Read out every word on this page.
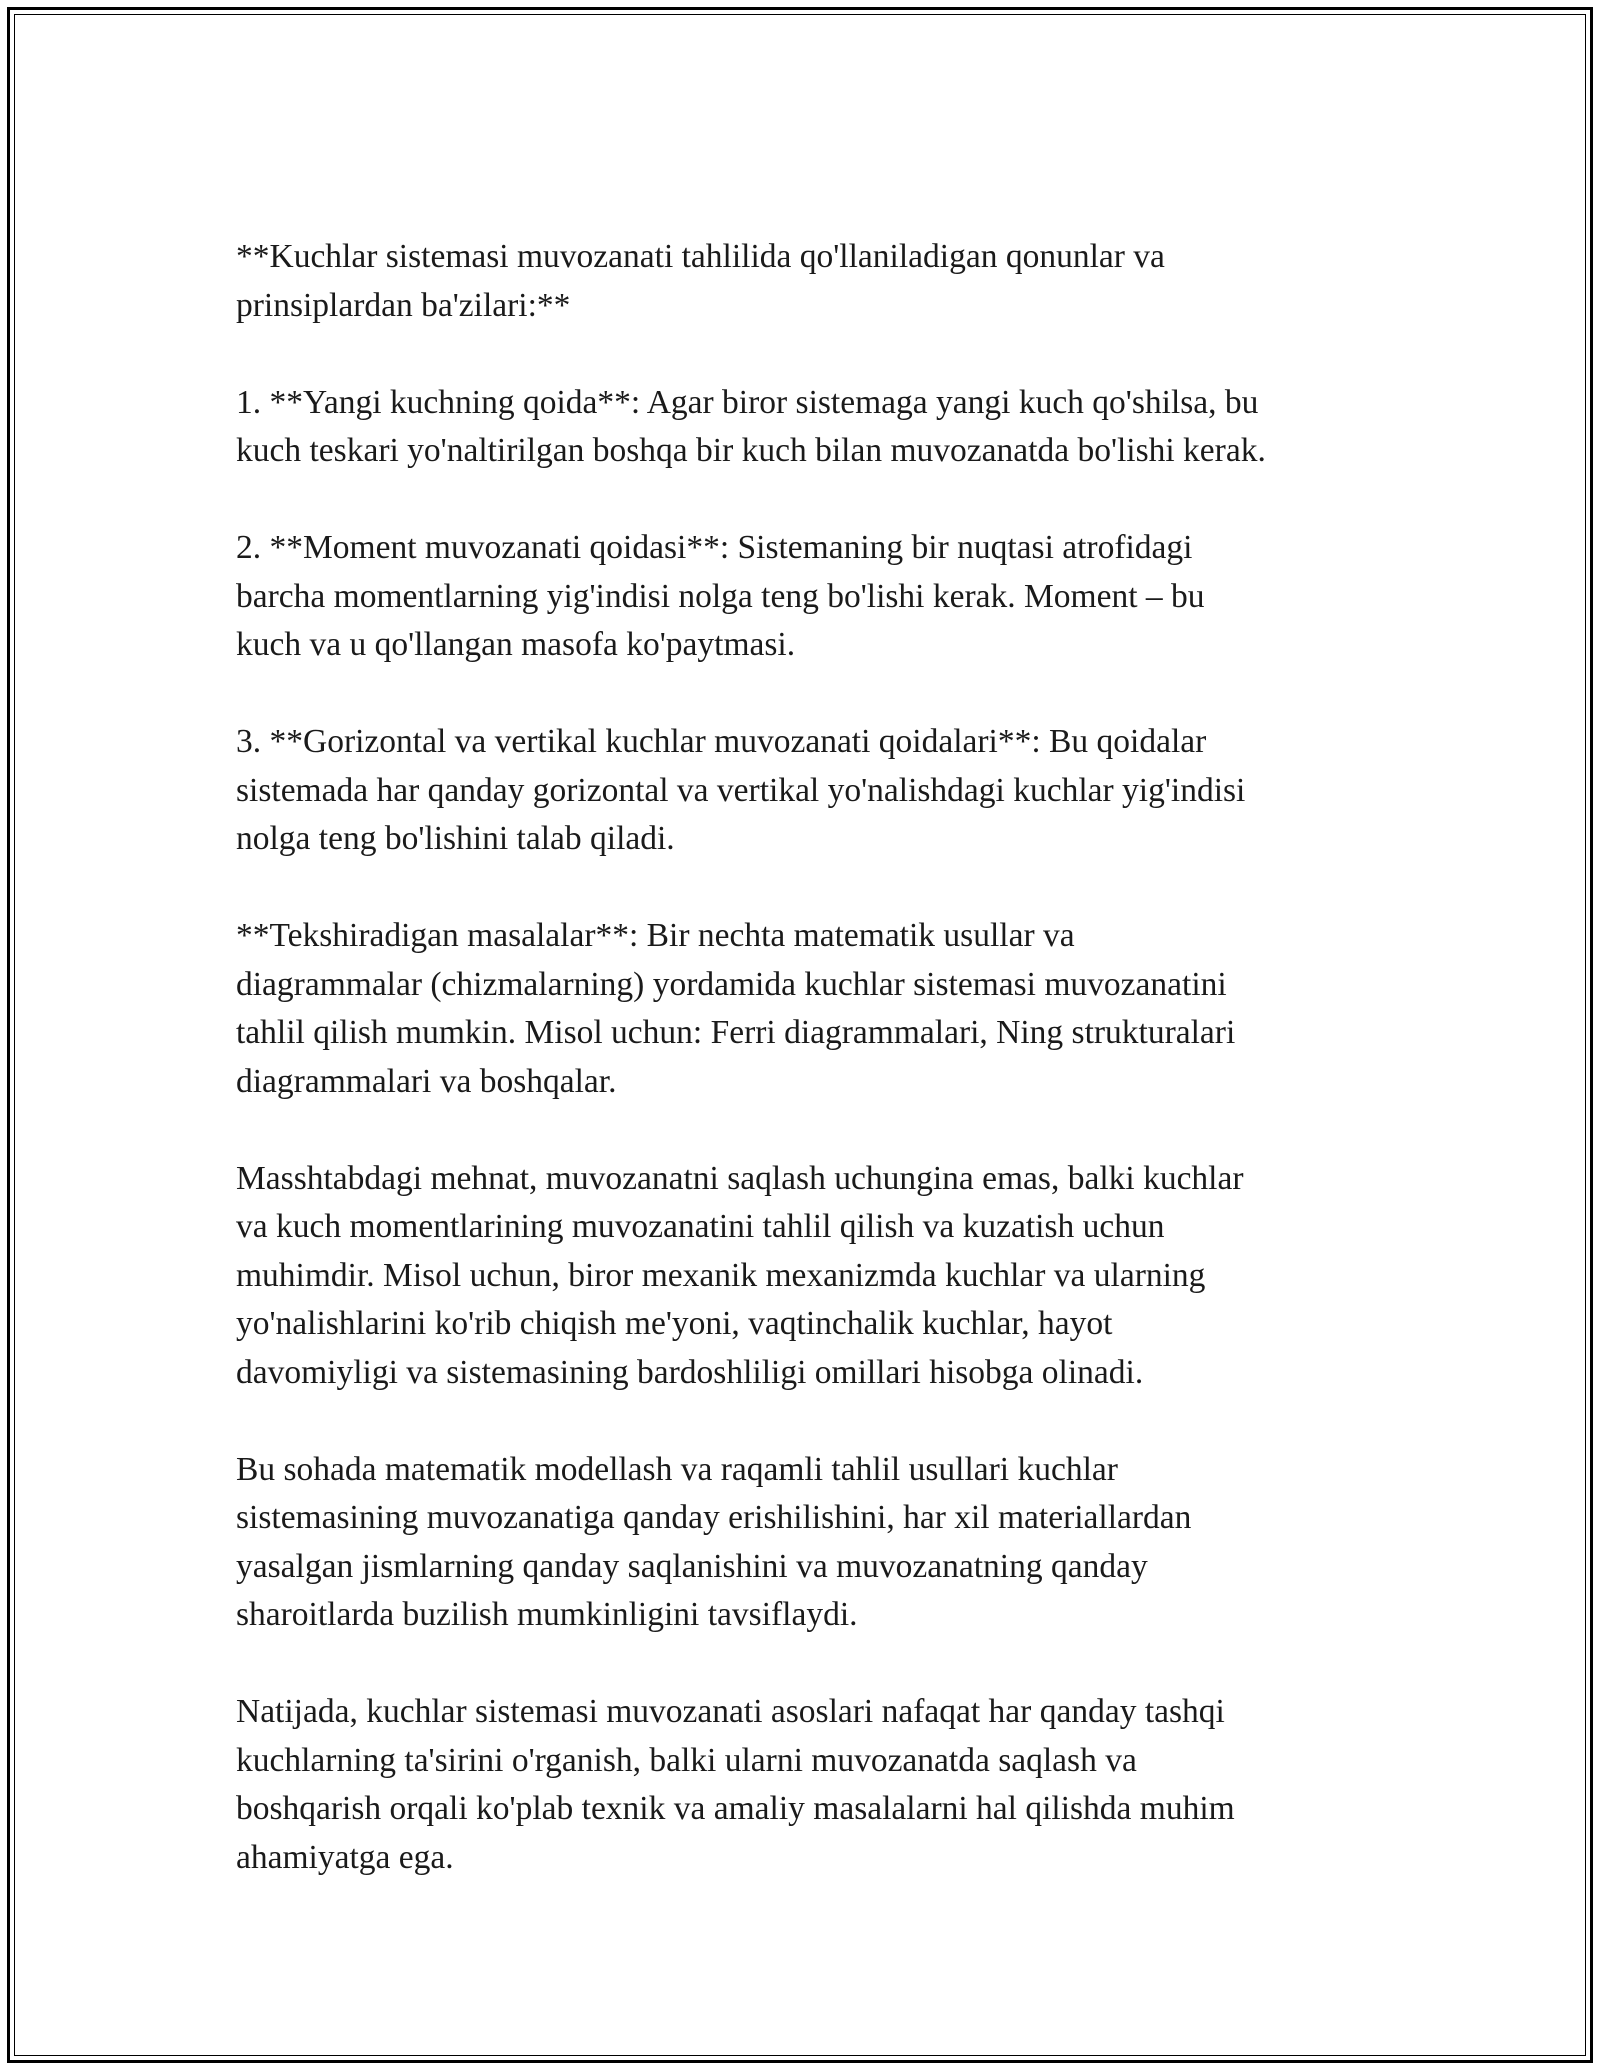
**Kuchlar sistemasi muvozanati tahlilida qo'llaniladigan qonunlar va
prinsiplardan ba'zilari:**

1. **Yangi kuchning qoida**: Agar biror sistemaga yangi kuch qo'shilsa, bu
kuch teskari yo'naltirilgan boshqa bir kuch bilan muvozanatda bo'lishi kerak.

2. **Moment muvozanati qoidasi**: Sistemaning bir nuqtasi atrofidagi
barcha momentlarning yig'indisi nolga teng bo'lishi kerak. Moment – bu
kuch va u qo'llangan masofa ko'paytmasi.

3. **Gorizontal va vertikal kuchlar muvozanati qoidalari**: Bu qoidalar
sistemada har qanday gorizontal va vertikal yo'nalishdagi kuchlar yig'indisi
nolga teng bo'lishini talab qiladi.

**Tekshiradigan masalalar**: Bir nechta matematik usullar va
diagrammalar (chizmalarning) yordamida kuchlar sistemasi muvozanatini
tahlil qilish mumkin. Misol uchun: Ferri diagrammalari, Ning strukturalari
diagrammalari va boshqalar.

Masshtabdagi mehnat, muvozanatni saqlash uchungina emas, balki kuchlar
va kuch momentlarining muvozanatini tahlil qilish va kuzatish uchun
muhimdir. Misol uchun, biror mexanik mexanizmda kuchlar va ularning
yo'nalishlarini ko'rib chiqish me'yoni, vaqtinchalik kuchlar, hayot
davomiyligi va sistemasining bardoshliligi omillari hisobga olinadi.

Bu sohada matematik modellash va raqamli tahlil usullari kuchlar
sistemasining muvozanatiga qanday erishilishini, har xil materiallardan
yasalgan jismlarning qanday saqlanishini va muvozanatning qanday
sharoitlarda buzilish mumkinligini tavsiflaydi.

Natijada, kuchlar sistemasi muvozanati asoslari nafaqat har qanday tashqi
kuchlarning ta'sirini o'rganish, balki ularni muvozanatda saqlash va
boshqarish orqali ko'plab texnik va amaliy masalalarni hal qilishda muhim
ahamiyatga ega.
